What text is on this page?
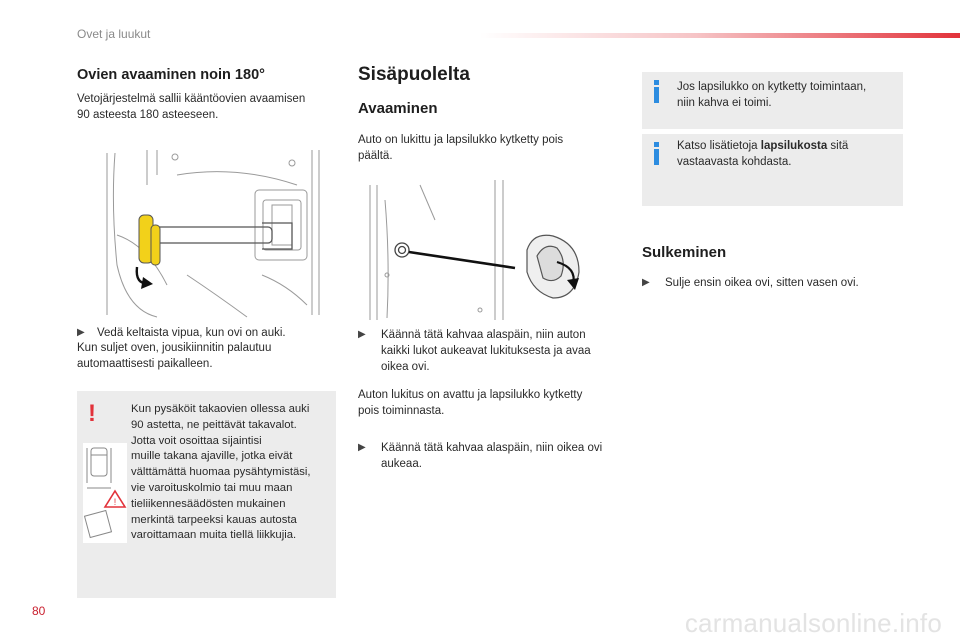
Ovet ja luukut
Ovien avaaminen noin 180°
Vetojärjestelmä sallii kääntöovien avaamisen
90 asteesta 180 asteeseen.
▶	Vedä keltaista vipua, kun ovi on auki.
Kun suljet oven, jousikiinnitin palautuu
automaattisesti paikalleen.
!
!
Kun pysäköit takaovien ollessa auki
90 astetta, ne peittävät takavalot.
Jotta voit osoittaa sijaintisi
muille takana ajaville, jotka eivät
välttämättä huomaa pysähtymistäsi,
vie varoituskolmio tai muu maan
tieliikennesäädösten mukainen
merkintä tarpeeksi kauas autosta
varoittamaan muita tiellä liikkujia.
Sisäpuolelta
Avaaminen
Auto on lukittu ja lapsilukko kytketty pois
päältä.
▶ Käännä tätä kahvaa alaspäin, niin auton
kaikki lukot aukeavat lukituksesta ja avaa
oikea ovi.
Auton lukitus on avattu ja lapsilukko kytketty
pois toiminnasta.
▶ Käännä tätä kahvaa alaspäin, niin oikea ovi
aukeaa.
Jos lapsilukko on kytketty toimintaan,
niin kahva ei toimi.
Katso lisätietoja lapsilukosta sitä
vastaavasta kohdasta.
Sulkeminen
▶	Sulje ensin oikea ovi, sitten vasen ovi.
80	carmanualsonline.info
